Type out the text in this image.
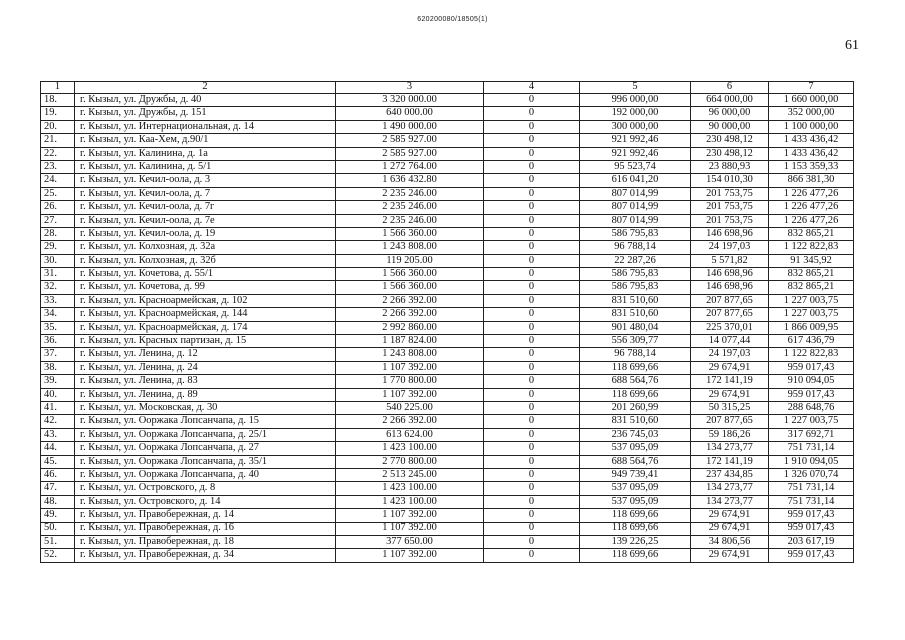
620200080/18505(1)
61
1	2	3	4	5	6	7
18.	г. Кызыл, ул. Дружбы, д. 40	3 320 000.00	0	996 000,00	664 000,00	1 660 000,00
19.	г. Кызыл, ул. Дружбы, д. 151	640 000.00	0	192 000,00	96 000,00	352 000,00
20.	г. Кызыл, ул. Интернациональная, д. 14	1 490 000.00	0	300 000,00	90 000,00	1 100 000,00
21.	г. Кызыл, ул. Каа-Хем, д.90/1	2 585 927.00	0	921 992,46	230 498,12	1 433 436,42
22.	г. Кызыл, ул. Калинина, д. 1а	2 585 927.00	0	921 992,46	230 498,12	1 433 436,42
23.	г. Кызыл, ул. Калинина, д. 5/1	1 272 764.00	0	95 523,74	23 880,93	1 153 359,33
24.	г. Кызыл, ул. Кечил-оола, д. 3	1 636 432.80	0	616 041,20	154 010,30	866 381,30
25.	г. Кызыл, ул. Кечил-оола, д. 7	2 235 246.00	0	807 014,99	201 753,75	1 226 477,26
26.	г. Кызыл, ул. Кечил-оола, д. 7г	2 235 246.00	0	807 014,99	201 753,75	1 226 477,26
27.	г. Кызыл, ул. Кечил-оола, д. 7е	2 235 246.00	0	807 014,99	201 753,75	1 226 477,26
28.	г. Кызыл, ул. Кечил-оола, д. 19	1 566 360.00	0	586 795,83	146 698,96	832 865,21
29.	г. Кызыл, ул. Колхозная, д. 32а	1 243 808.00	0	96 788,14	24 197,03	1 122 822,83
30.	г. Кызыл, ул. Колхозная, д. 32б	119 205.00	0	22 287,26	5 571,82	91 345,92
31.	г. Кызыл, ул. Кочетова, д. 55/1	1 566 360.00	0	586 795,83	146 698,96	832 865,21
32.	г. Кызыл, ул. Кочетова, д. 99	1 566 360.00	0	586 795,83	146 698,96	832 865,21
33.	г. Кызыл, ул. Красноармейская, д. 102	2 266 392.00	0	831 510,60	207 877,65	1 227 003,75
34.	г. Кызыл, ул. Красноармейская, д. 144	2 266 392.00	0	831 510,60	207 877,65	1 227 003,75
35.	г. Кызыл, ул. Красноармейская, д. 174	2 992 860.00	0	901 480,04	225 370,01	1 866 009,95
36.	г. Кызыл, ул. Красных партизан, д. 15	1 187 824.00	0	556 309,77	14 077,44	617 436,79
37.	г. Кызыл, ул. Ленина, д. 12	1 243 808.00	0	96 788,14	24 197,03	1 122 822,83
38.	г. Кызыл, ул. Ленина, д. 24	1 107 392.00	0	118 699,66	29 674,91	959 017,43
39.	г. Кызыл, ул. Ленина, д. 83	1 770 800.00	0	688 564,76	172 141,19	910 094,05
40.	г. Кызыл, ул. Ленина, д. 89	1 107 392.00	0	118 699,66	29 674,91	959 017,43
41.	г. Кызыл, ул. Московская, д. 30	540 225.00	0	201 260,99	50 315,25	288 648,76
42.	г. Кызыл, ул. Ооржака Лопсанчапа, д. 15	2 266 392.00	0	831 510,60	207 877,65	1 227 003,75
43.	г. Кызыл, ул. Ооржака Лопсанчапа, д. 25/1	613 624.00	0	236 745,03	59 186,26	317 692,71
44.	г. Кызыл, ул. Ооржака Лопсанчапа, д. 27	1 423 100.00	0	537 095,09	134 273,77	751 731,14
45.	г. Кызыл, ул. Ооржака Лопсанчапа, д. 35/1	2 770 800.00	0	688 564,76	172 141,19	1 910 094,05
46.	г. Кызыл, ул. Ооржака Лопсанчапа, д. 40	2 513 245.00	0	949 739,41	237 434,85	1 326 070,74
47.	г. Кызыл, ул. Островского, д. 8	1 423 100.00	0	537 095,09	134 273,77	751 731,14
48.	г. Кызыл, ул. Островского, д. 14	1 423 100.00	0	537 095,09	134 273,77	751 731,14
49.	г. Кызыл, ул. Правобережная, д. 14	1 107 392.00	0	118 699,66	29 674,91	959 017,43
50.	г. Кызыл, ул. Правобережная, д. 16	1 107 392.00	0	118 699,66	29 674,91	959 017,43
51.	г. Кызыл, ул. Правобережная, д. 18	377 650.00	0	139 226,25	34 806,56	203 617,19
52.	г. Кызыл, ул. Правобережная, д. 34	1 107 392.00	0	118 699,66	29 674,91	959 017,43
